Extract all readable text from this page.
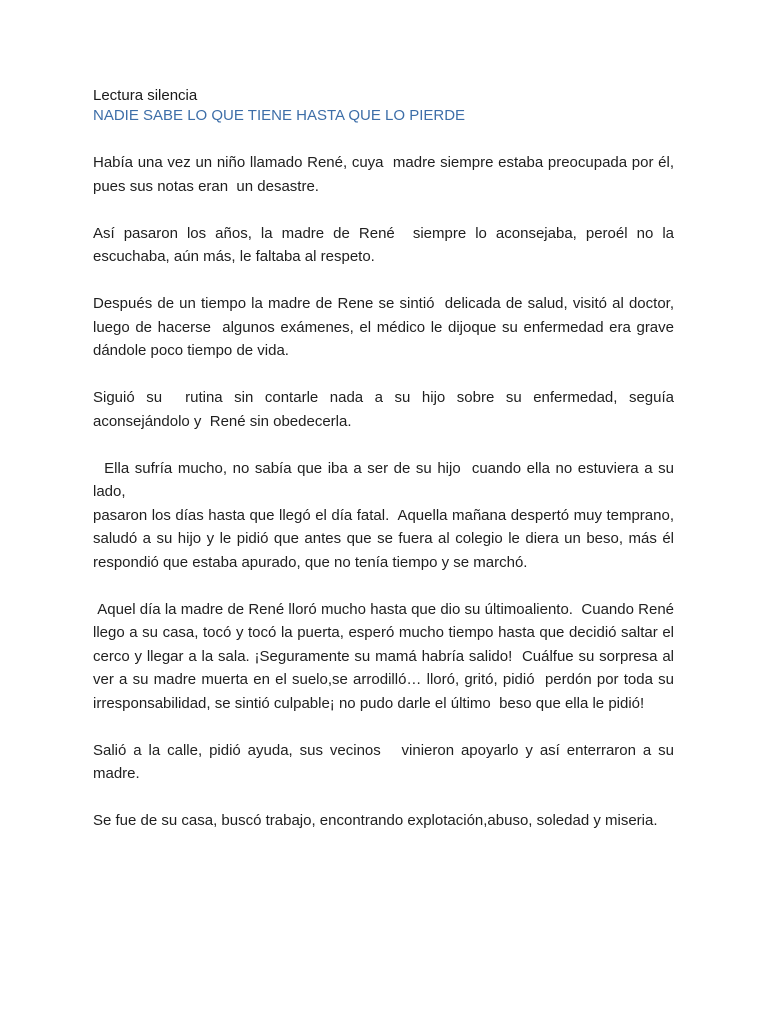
Lectura silencia

NADIE SABE LO QUE TIENE HASTA QUE LO PIERDE

Había una vez un niño llamado René, cuya  madre siempre estaba preocupada por él, pues sus notas eran  un desastre.

Así pasaron los años, la madre de René  siempre lo aconsejaba, peroél no la escuchaba, aún más, le faltaba al respeto.

Después de un tiempo la madre de Rene se sintió  delicada de salud, visitó al doctor, luego de hacerse  algunos exámenes, el médico le dijoque su enfermedad era grave dándole poco tiempo de vida.

Siguió su  rutina sin contarle nada a su hijo sobre su enfermedad, seguía aconsejándolo y  René sin obedecerla.

Ella sufría mucho, no sabía que iba a ser de su hijo  cuando ella no estuviera a su lado,

pasaron los días hasta que llegó el día fatal.  Aquella mañana despertó muy temprano, saludó a su hijo y le pidió que antes que se fuera al colegio le diera un beso, más él respondió que estaba apurado, que no tenía tiempo y se marchó.

Aquel día la madre de René lloró mucho hasta que dio su últimoaliento.  Cuando René llego a su casa, tocó y tocó la puerta, esperó mucho tiempo hasta que decidió saltar el  cerco y llegar a la sala. ¡Seguramente su mamá habría salido!  Cuálfue su sorpresa al ver a su madre muerta en el suelo,se arrodilló… lloró, gritó, pidió  perdón por toda su irresponsabilidad, se sintió culpable¡ no pudo darle el último  beso que ella le pidió!

Salió a la calle, pidió ayuda, sus vecinos   vinieron apoyarlo y así enterraron a su madre.

Se fue de su casa, buscó trabajo, encontrando explotación,abuso, soledad y miseria.
